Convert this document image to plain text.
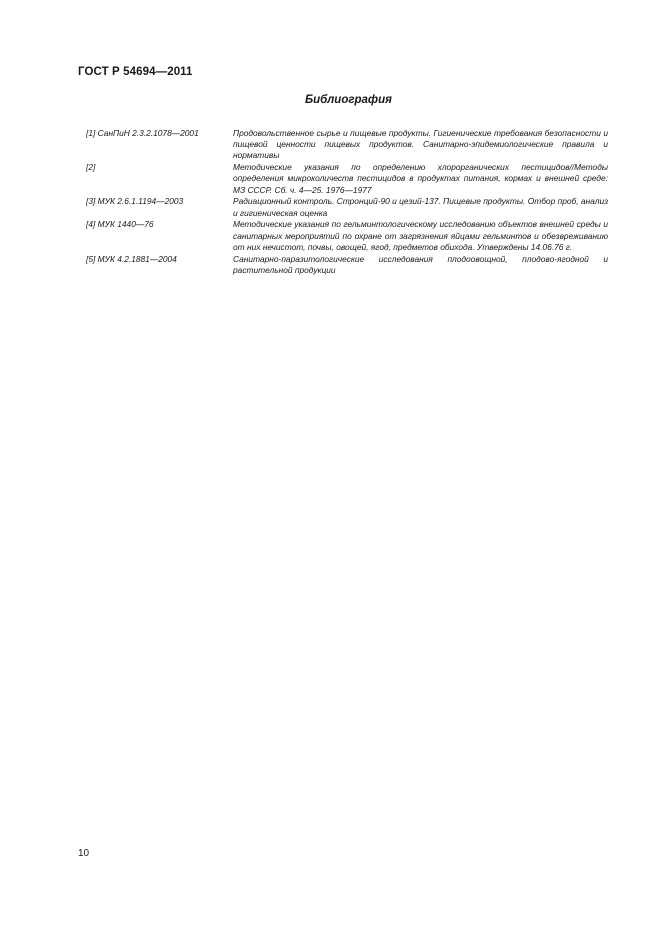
ГОСТ Р 54694—2011
Библиография
[1] СанПиН 2.3.2.1078—2001	Продовольственное сырье и пищевые продукты. Гигиенические требования безопасности и пищевой ценности пищевых продуктов. Санитарно-эпидемиологические правила и нормативы
[2]	Методические указания по определению хлорорганических пестицидов//Методы определения микроколичеств пестицидов в продуктах питания, кормах и внешней среде: МЗ СССР. Сб. ч. 4—25. 1976—1977
[3] МУК 2.6.1.1194—2003	Радиационный контроль. Стронций-90 и цезий-137. Пищевые продукты. Отбор проб, анализ и гигиеническая оценка
[4] МУК 1440—76	Методические указания по гельминтологическому исследованию объектов внешней среды и санитарных мероприятий по охране от загрязнения яйцами гельминтов и обезвреживанию от них нечистот, почвы, овощей, ягод, предметов обихода. Утверждены 14.06.76 г.
[5] МУК 4.2.1881—2004	Санитарно-паразитологические исследования плодоовощной, плодово-ягодной и растительной продукции
10
